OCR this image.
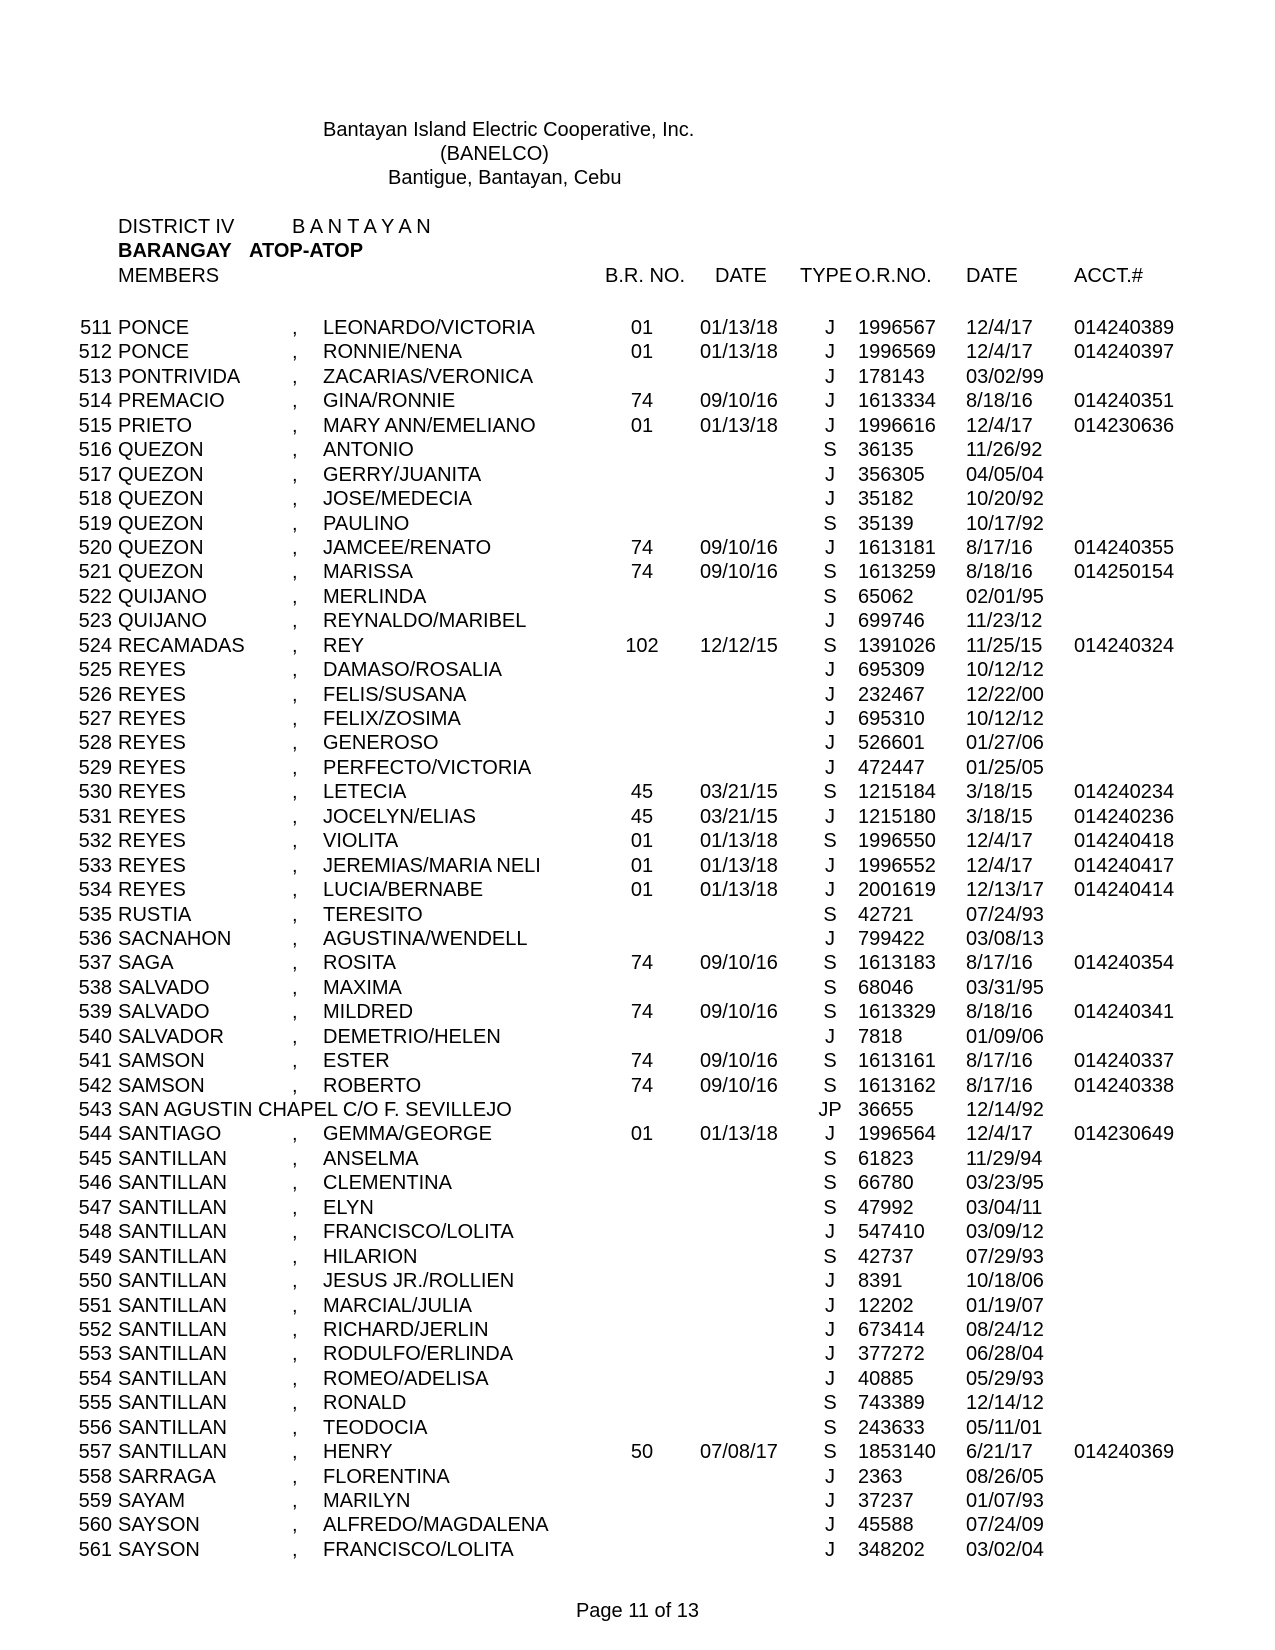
Bantayan Island Electric Cooperative, Inc.
(BANELCO)
Bantigue, Bantayan, Cebu
DISTRICT IV	B A N T A Y A N
BARANGAY ATOP-ATOP
MEMBERS	B.R. NO. DATE TYPE O.R.NO. DATE	ACCT.#
511 PONCE	, LEONARDO/VICTORIA	01	01/13/18	J	1996567 12/4/17 014240389
512 PONCE	, RONNIE/NENA	01	01/13/18	J	1996569 12/4/17 014240397
513 PONTRIVIDA	, ZACARIAS/VERONICA	J	178143 03/02/99
514 PREMACIO	, GINA/RONNIE	74	09/10/16	J	1613334 8/18/16 014240351
515 PRIETO	, MARY ANN/EMELIANO	01	01/13/18	J	1996616 12/4/17 014230636
516 QUEZON	, ANTONIO	S	36135	11/26/92
517 QUEZON	, GERRY/JUANITA	J	356305 04/05/04
518 QUEZON	, JOSE/MEDECIA	J	35182	10/20/92
519 QUEZON	, PAULINO	S	35139	10/17/92
520 QUEZON	, JAMCEE/RENATO	74	09/10/16	J	1613181 8/17/16 014240355
521 QUEZON	, MARISSA	74	09/10/16	S	1613259 8/18/16 014250154
522 QUIJANO	, MERLINDA	S	65062	02/01/95
523 QUIJANO	, REYNALDO/MARIBEL	J	699746 11/23/12
524 RECAMADAS , REY	102	12/12/15	S	1391026 11/25/15 014240324
525 REYES	, DAMASO/ROSALIA	J	695309 10/12/12
526 REYES	, FELIS/SUSANA	J	232467 12/22/00
527 REYES	, FELIX/ZOSIMA	J	695310 10/12/12
528 REYES	, GENEROSO	J	526601 01/27/06
529 REYES	, PERFECTO/VICTORIA	J	472447 01/25/05
530 REYES	, LETECIA	45	03/21/15	S	1215184 3/18/15 014240234
531 REYES	, JOCELYN/ELIAS	45	03/21/15	J	1215180 3/18/15 014240236
532 REYES	, VIOLITA	01	01/13/18	S	1996550 12/4/17 014240418
533 REYES	, JEREMIAS/MARIA NELI	01	01/13/18	J	1996552 12/4/17 014240417
534 REYES	, LUCIA/BERNABE	01	01/13/18	J	2001619 12/13/17 014240414
535 RUSTIA	, TERESITO	S	42721	07/24/93
536 SACNAHON	, AGUSTINA/WENDELL	J	799422 03/08/13
537 SAGA	, ROSITA	74	09/10/16	S	1613183 8/17/16 014240354
538 SALVADO	, MAXIMA	S	68046	03/31/95
539 SALVADO	, MILDRED	74	09/10/16	S	1613329 8/18/16 014240341
540 SALVADOR	, DEMETRIO/HELEN	J	7818	01/09/06
541 SAMSON	, ESTER	74	09/10/16	S	1613161 8/17/16 014240337
542 SAMSON	, ROBERTO	74	09/10/16	S	1613162 8/17/16 014240338
543 SAN AGUSTIN CHAPEL C/O F. SEVILLEJO	JP 36655	12/14/92
544 SANTIAGO	, GEMMA/GEORGE	01	01/13/18	J	1996564 12/4/17 014230649
545 SANTILLAN	, ANSELMA	S	61823	11/29/94
546 SANTILLAN	, CLEMENTINA	S	66780	03/23/95
547 SANTILLAN	, ELYN	S	47992	03/04/11
548 SANTILLAN	, FRANCISCO/LOLITA	J	547410 03/09/12
549 SANTILLAN	, HILARION	S	42737	07/29/93
550 SANTILLAN	, JESUS JR./ROLLIEN	J	8391	10/18/06
551 SANTILLAN	, MARCIAL/JULIA	J	12202	01/19/07
552 SANTILLAN	, RICHARD/JERLIN	J	673414 08/24/12
553 SANTILLAN	, RODULFO/ERLINDA	J	377272 06/28/04
554 SANTILLAN	, ROMEO/ADELISA	J	40885	05/29/93
555 SANTILLAN	, RONALD	S	743389 12/14/12
556 SANTILLAN	, TEODOCIA	S	243633 05/11/01
557 SANTILLAN	, HENRY	50	07/08/17	S	1853140 6/21/17 014240369
558 SARRAGA	, FLORENTINA	J	2363	08/26/05
559 SAYAM	, MARILYN	J	37237	01/07/93
560 SAYSON	, ALFREDO/MAGDALENA	J	45588	07/24/09
561 SAYSON	, FRANCISCO/LOLITA	J	348202 03/02/04
Page 11 of 13
